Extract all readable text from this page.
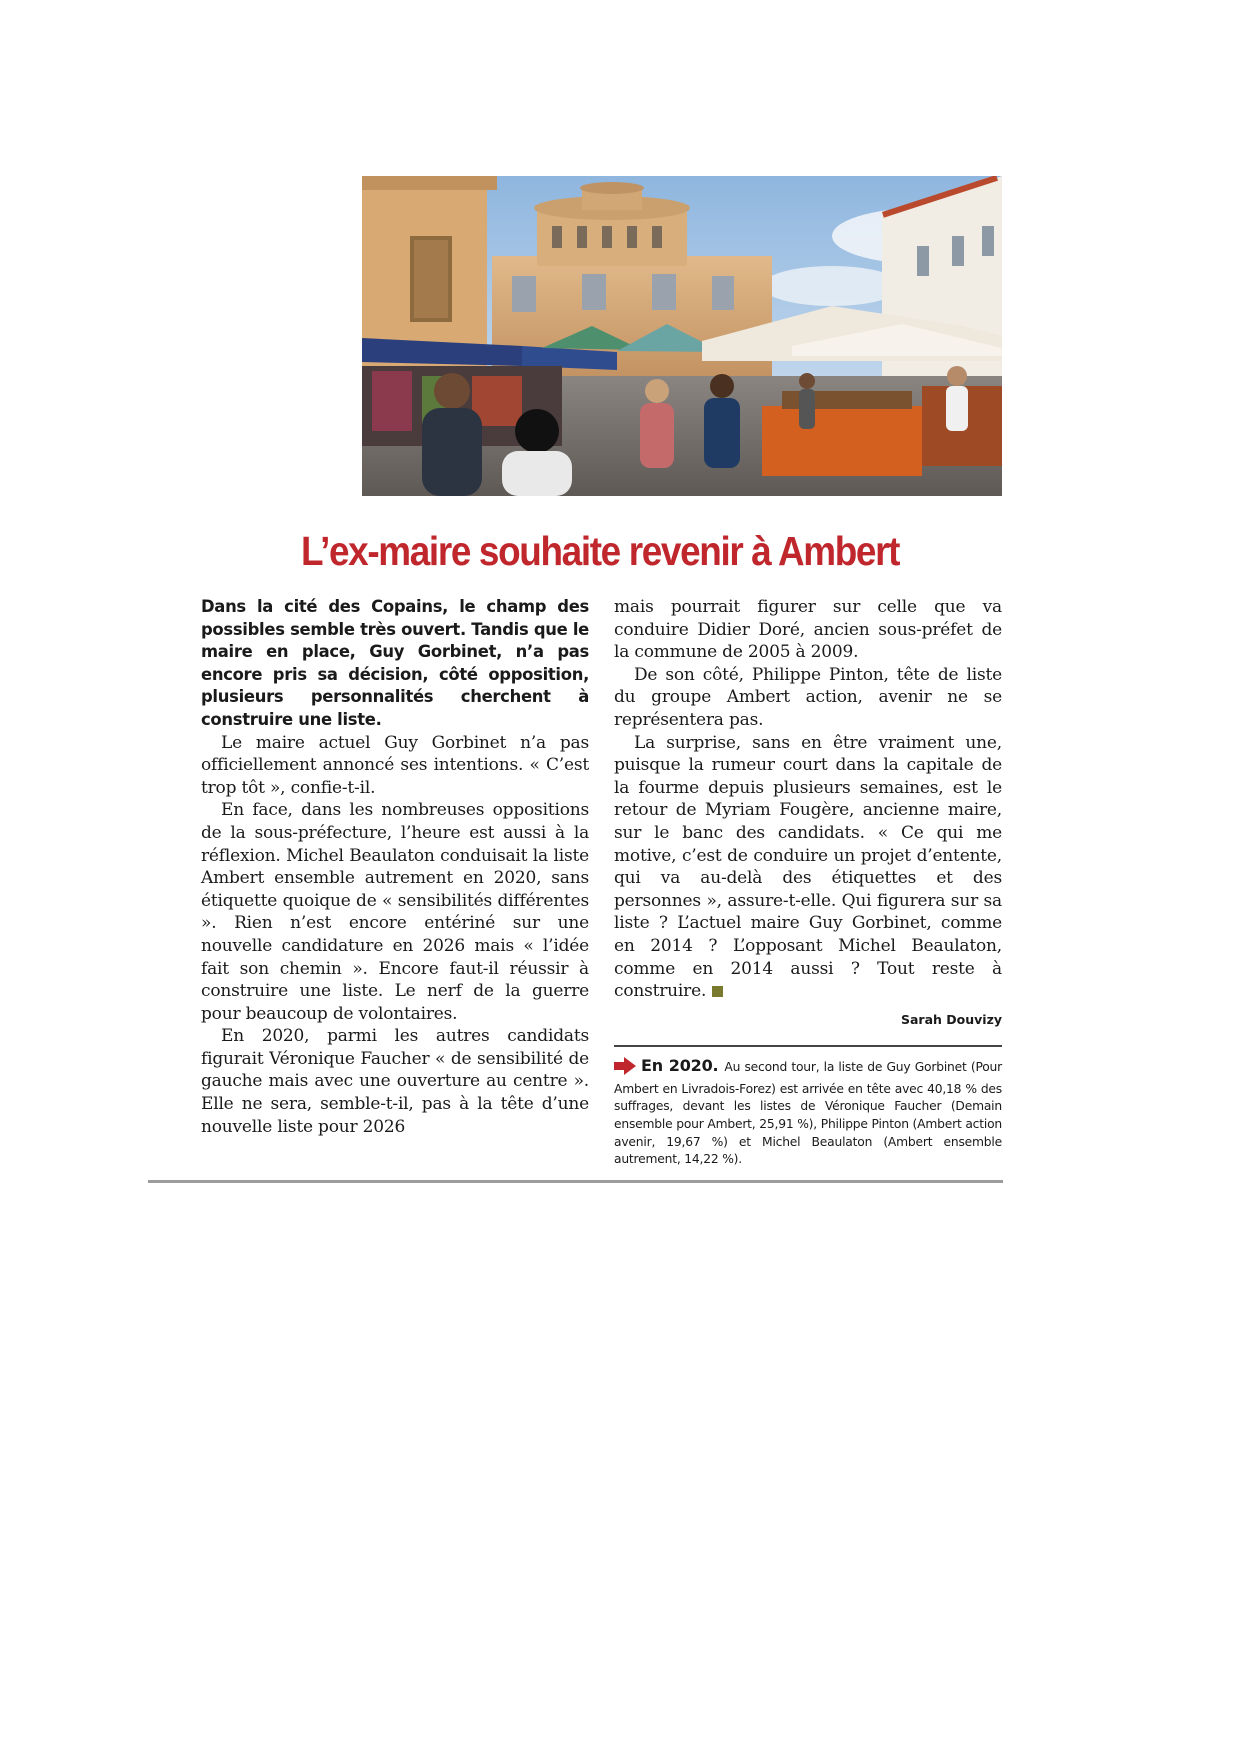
L’ex-maire souhaite revenir à Ambert

Dans la cité des Copains, le champ des possibles semble très ouvert. Tandis que le maire en place, Guy Gorbinet, n’a pas encore pris sa décision, côté opposition, plusieurs personnalités cherchent à construire une liste.

Le maire actuel Guy Gorbinet n’a pas officiellement annoncé ses intentions. « C’est trop tôt », confie-t-il.

En face, dans les nombreuses oppositions de la sous-préfecture, l’heure est aussi à la réflexion. Michel Beaulaton conduisait la liste Ambert ensemble autrement en 2020, sans étiquette quoique de « sensibilités différentes ». Rien n’est encore entériné sur une nouvelle candidature en 2026 mais « l’idée fait son chemin ». Encore faut-il réussir à construire une liste. Le nerf de la guerre pour beaucoup de volontaires.

En 2020, parmi les autres candidats figurait Véronique Faucher « de sensibilité de gauche mais avec une ouverture au centre ». Elle ne sera, semble-t-il, pas à la tête d’une nouvelle liste pour 2026

mais pourrait figurer sur celle que va conduire Didier Doré, ancien sous-préfet de la commune de 2005 à 2009.

De son côté, Philippe Pinton, tête de liste du groupe Ambert action, avenir ne se représentera pas.

La surprise, sans en être vraiment une, puisque la rumeur court dans la capitale de la fourme depuis plusieurs semaines, est le retour de Myriam Fougère, ancienne maire, sur le banc des candidats. « Ce qui me motive, c’est de conduire un projet d’entente, qui va au-delà des étiquettes et des personnes », assure-t-elle. Qui figurera sur sa liste ? L’actuel maire Guy Gorbinet, comme en 2014 ? L’opposant Michel Beaulaton, comme en 2014 aussi ? Tout reste à construire.

Sarah Douvizy

En 2020. Au second tour, la liste de Guy Gorbinet (Pour Ambert en Livradois-Forez) est arrivée en tête avec 40,18 % des suffrages, devant les listes de Véronique Faucher (Demain ensemble pour Ambert, 25,91 %), Philippe Pinton (Ambert action avenir, 19,67 %) et Michel Beaulaton (Ambert ensemble autrement, 14,22 %).
